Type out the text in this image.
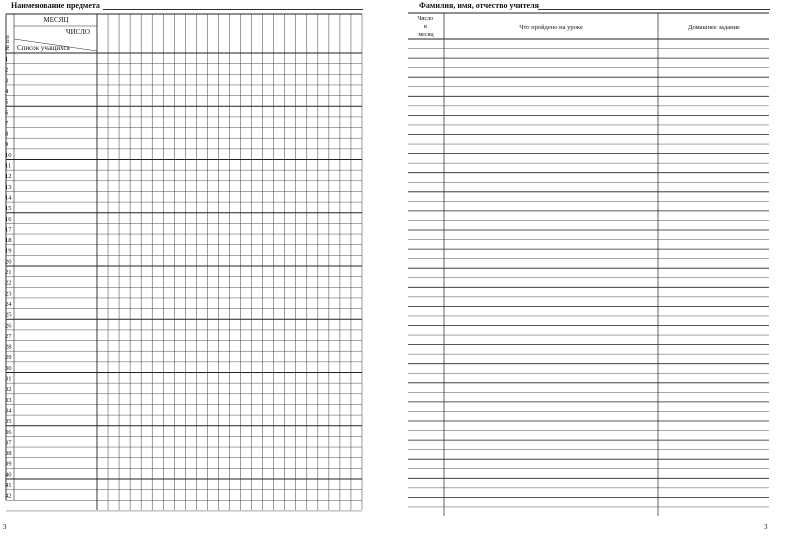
Наименование предмета
МЕСЯЦ
ЧИСЛО
Список учащихся
№ п/п
1
2
3
4
5
6
7
8
9
10
11
12
13
14
15
16
17
18
19
20
21
22
23
24
25
26
27
28
29
30
31
32
33
34
35
36
37
38
39
40
41
42
3
Фамилия, имя, отчество учителя
Число и месяц
Что пройдено на уроке	Домашнее задание
3
